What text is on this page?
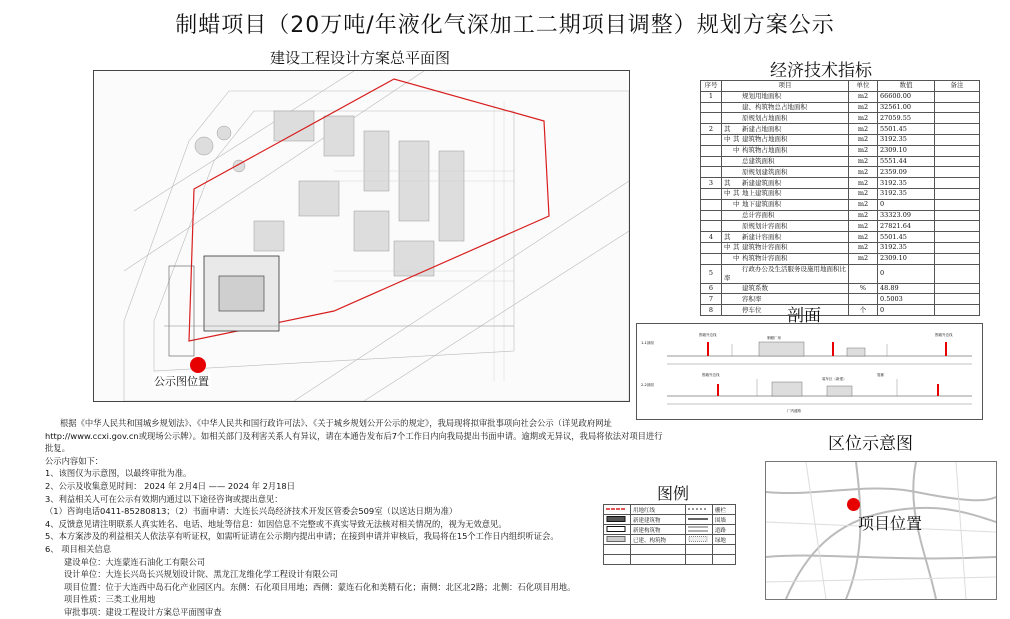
制蜡项目（20万吨/年液化气深加工二期项目调整）规划方案公示
建设工程设计方案总平面图
公示图位置
经济技术指标
序号	项目	单位	数值	备注
1	规划用地面积	m2	66600.00	
	建、构筑物总占地面积	m2	32561.00	
	原规划占地面积	m2	27059.55	
2	其 新建占地面积	m2	5501.45	
	中 其 建筑物占地面积	m2	3192.35	
	中 构筑物占地面积	m2	2309.10	
	总建筑面积	m2	5551.44	
	原规划建筑面积	m2	2359.09	
3	其 新建建筑面积	m2	3192.35	
	中 其 地上建筑面积	m2	3192.35	
	中 地下建筑面积	m2	0	
	总计容面积	m2	33323.09	
	原规划计容面积	m2	27821.64	
4	其 新建计容面积	m2	5501.45	
	中 其 建筑物计容面积	m2	3192.35	
	中 构筑物计容面积	m2	2309.10	
5	行政办公及生活服务设施用地面积比率		0	
6	建筑系数	%	48.89	
7	容积率		0.5003	
8	停车位	个	0	
剖面
1-1剖面
2-2剖面
围墙外边线	围墙外边线
制蜡厂房
围墙外边线
装车区（新建）
管廊
厂内道路
区位示意图
项目位置
图例
	用地红线		栅栏
	新建建筑物		围墙
	新建构筑物		道路
	已建、构筑物		绿地

根据《中华人民共和国城乡规划法》、《中华人民共和国行政许可法》、《关于城乡规划公开公示的规定》，我局现将拟审批事项向社会公示（详见政府网址
http://www.ccxi.gov.cn或现场公示牌）。如相关部门及利害关系人有异议，请在本通告发布后7个工作日内向我局提出书面申请。逾期或无异议，我局将依法对项目进行
批复。
公示内容如下：
1、该图仅为示意图，以最终审批为准。
2、公示及收集意见时间： 2024 年 2月4日 —— 2024 年 2月18日
3、利益相关人可在公示有效期内通过以下途径咨询或提出意见：
（1）咨询电话0411-85280813；（2）书面申请：大连长兴岛经济技术开发区管委会509室（以送达日期为准）
4、反馈意见请注明联系人真实姓名、电话、地址等信息：如因信息不完整或不真实导致无法核对相关情况的，视为无效意见。
5、本方案涉及的利益相关人依法享有听证权，如需听证请在公示期内提出申请；在接到申请并审核后，我局将在15个工作日内组织听证会。
6、 项目相关信息
建设单位：大连蒙连石油化工有限公司
设计单位：大连长兴岛长兴规划设计院、黑龙江龙维化学工程设计有限公司
项目位置：位于大连西中岛石化产业园区内。东侧：石化项目用地；西侧：蒙连石化和美精石化；南侧：北区北2路；北侧：石化项目用地。
项目性质：三类工业用地
审批事项：建设工程设计方案总平面图审查
